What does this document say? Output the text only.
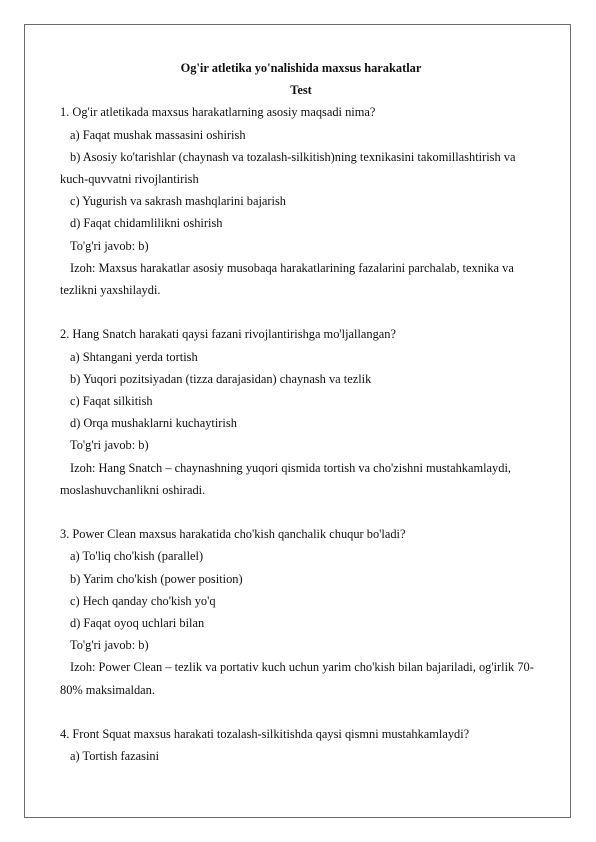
Og'ir atletika yo'nalishida maxsus harakatlar

Test

1. Og'ir atletikada maxsus harakatlarning asosiy maqsadi nima?

a) Faqat mushak massasini oshirish

b) Asosiy ko'tarishlar (chaynash va tozalash-silkitish)ning texnikasini takomillashtirish va kuch-quvvatni rivojlantirish

c) Yugurish va sakrash mashqlarini bajarish

d) Faqat chidamlilikni oshirish

To'g'ri javob: b)

Izoh: Maxsus harakatlar asosiy musobaqa harakatlarining fazalarini parchalab, texnika va tezlikni yaxshilaydi.

2. Hang Snatch harakati qaysi fazani rivojlantirishga mo'ljallangan?

a) Shtangani yerda tortish

b) Yuqori pozitsiyadan (tizza darajasidan) chaynash va tezlik

c) Faqat silkitish

d) Orqa mushaklarni kuchaytirish

To'g'ri javob: b)

Izoh: Hang Snatch – chaynashning yuqori qismida tortish va cho'zishni mustahkamlaydi, moslashuvchanlikni oshiradi.

3. Power Clean maxsus harakatida cho'kish qanchalik chuqur bo'ladi?

a) To'liq cho'kish (parallel)

b) Yarim cho'kish (power position)

c) Hech qanday cho'kish yo'q

d) Faqat oyoq uchlari bilan

To'g'ri javob: b)

Izoh: Power Clean – tezlik va portativ kuch uchun yarim cho'kish bilan bajariladi, og'irlik 70-80% maksimaldan.

4. Front Squat maxsus harakati tozalash-silkitishda qaysi qismni mustahkamlaydi?

a) Tortish fazasini
